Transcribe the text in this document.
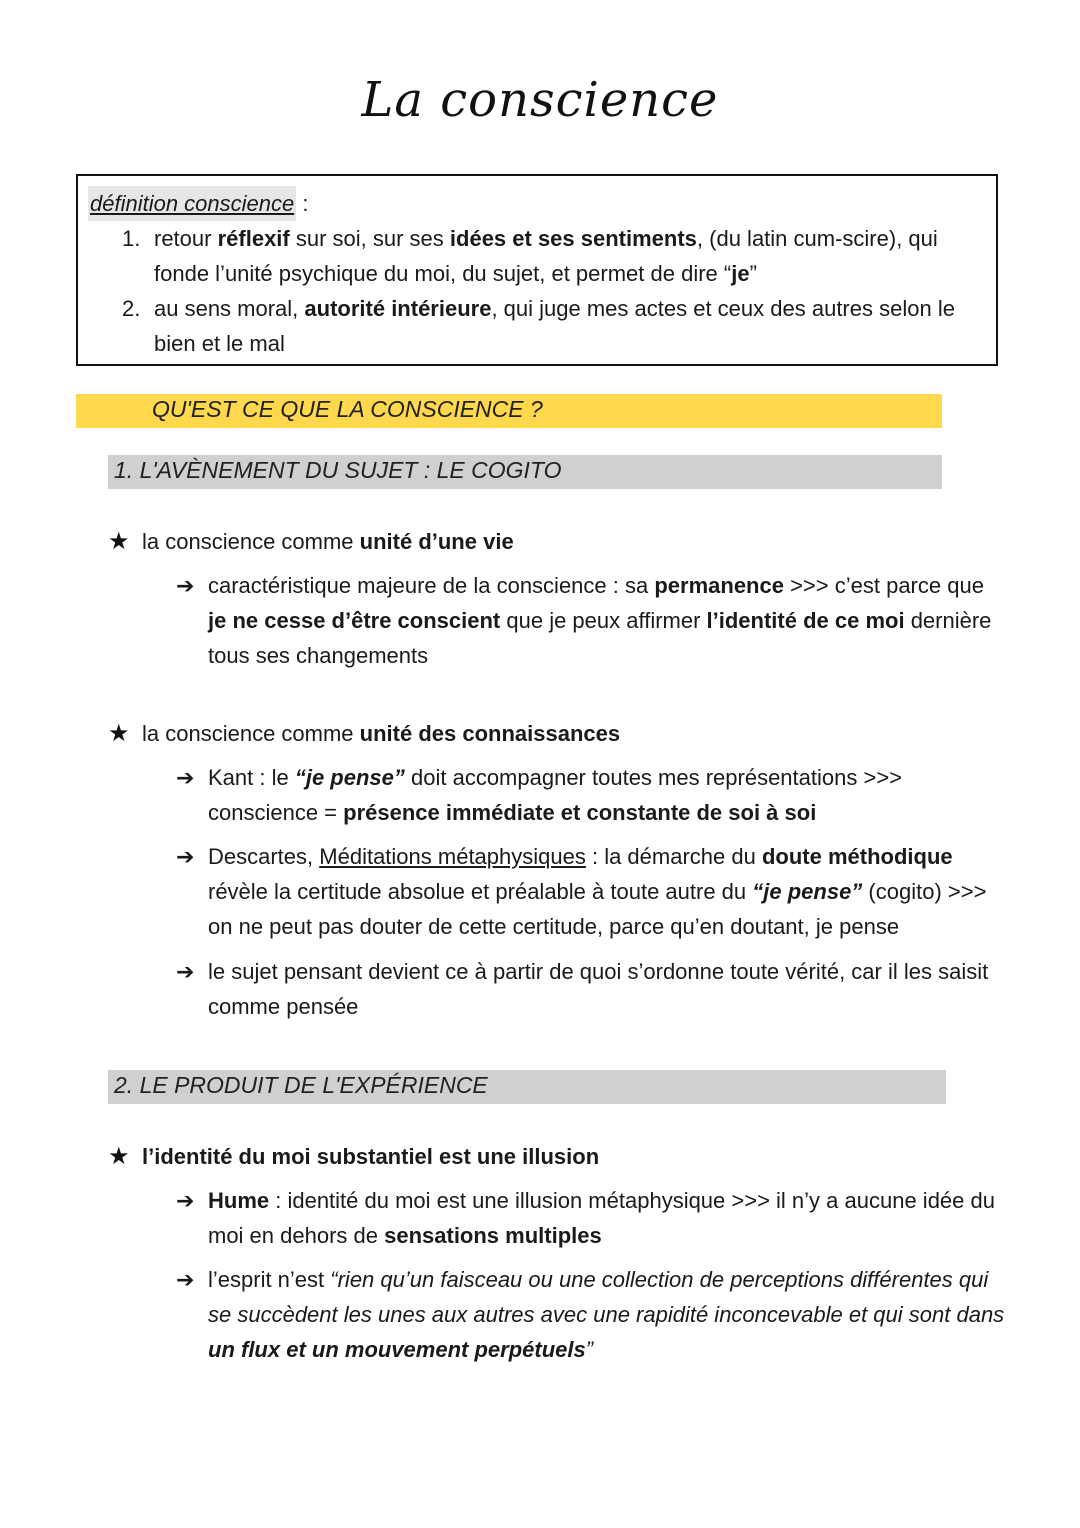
La conscience
définition conscience :
1. retour réflexif sur soi, sur ses idées et ses sentiments, (du latin cum-scire), qui fonde l’unité psychique du moi, du sujet, et permet de dire “je”
2. au sens moral, autorité intérieure, qui juge mes actes et ceux des autres selon le bien et le mal
QU'EST CE QUE LA CONSCIENCE ?
1. L'AVÈNEMENT DU SUJET : LE COGITO
★ la conscience comme unité d’une vie
➔ caractéristique majeure de la conscience : sa permanence >>> c’est parce que je ne cesse d’être conscient que je peux affirmer l’identité de ce moi dernière tous ses changements
★ la conscience comme unité des connaissances
➔ Kant : le “je pense” doit accompagner toutes mes représentations >>> conscience = présence immédiate et constante de soi à soi
➔ Descartes, Méditations métaphysiques : la démarche du doute méthodique révèle la certitude absolue et préalable à toute autre du “je pense” (cogito) >>> on ne peut pas douter de cette certitude, parce qu’en doutant, je pense
➔ le sujet pensant devient ce à partir de quoi s’ordonne toute vérité, car il les saisit comme pensée
2. LE PRODUIT DE L'EXPÉRIENCE
★ l’identité du moi substantiel est une illusion
➔ Hume : identité du moi est une illusion métaphysique >>> il n’y a aucune idée du moi en dehors de sensations multiples
➔ l’esprit n’est “rien qu’un faisceau ou une collection de perceptions différentes qui se succèdent les unes aux autres avec une rapidité inconcevable et qui sont dans un flux et un mouvement perpétuels”
